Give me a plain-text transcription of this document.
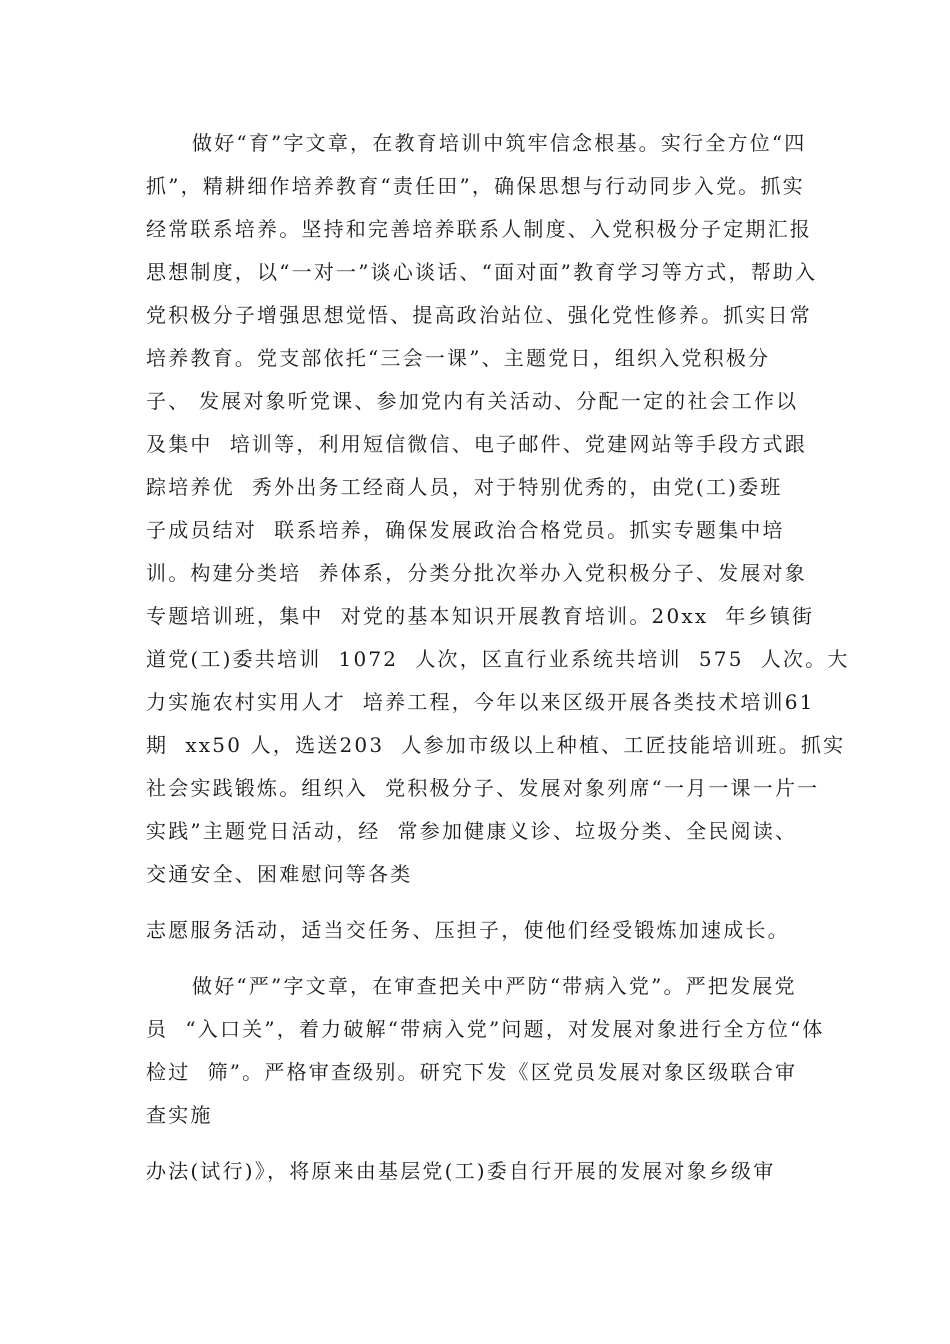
做好“育”字文章，在教育培训中筑牢信念根基。实行全方位“四
抓”，精耕细作培养教育“责任田”，确保思想与行动同步入党。抓实
经常联系培养。坚持和完善培养联系人制度、入党积极分子定期汇报
思想制度，以“一对一”谈心谈话、“面对面”教育学习等方式，帮助入
党积极分子增强思想觉悟、提高政治站位、强化党性修养。抓实日常
培养教育。党支部依托“三会一课”、主题党日，组织入党积极分
子、 发展对象听党课、参加党内有关活动、分配一定的社会工作以
及集中  培训等，利用短信微信、电子邮件、党建网站等手段方式跟
踪培养优  秀外出务工经商人员，对于特别优秀的，由党(工)委班
子成员结对  联系培养，确保发展政治合格党员。抓实专题集中培
训。构建分类培  养体系，分类分批次举办入党积极分子、发展对象
专题培训班，集中  对党的基本知识开展教育培训。20xx  年乡镇街
道党(工)委共培训  1072  人次，区直行业系统共培训  575  人次。大
力实施农村实用人才  培养工程，今年以来区级开展各类技术培训61
期  xx50 人，选送203  人参加市级以上种植、工匠技能培训班。抓实
社会实践锻炼。组织入  党积极分子、发展对象列席“一月一课一片一
实践”主题党日活动，经  常参加健康义诊、垃圾分类、全民阅读、
交通安全、困难慰问等各类
志愿服务活动，适当交任务、压担子，使他们经受锻炼加速成长。
做好“严”字文章，在审查把关中严防“带病入党”。严把发展党
员  “入口关”，着力破解“带病入党”问题，对发展对象进行全方位“体
检过  筛”。严格审查级别。研究下发《区党员发展对象区级联合审
查实施
办法(试行)》，将原来由基层党(工)委自行开展的发展对象乡级审
